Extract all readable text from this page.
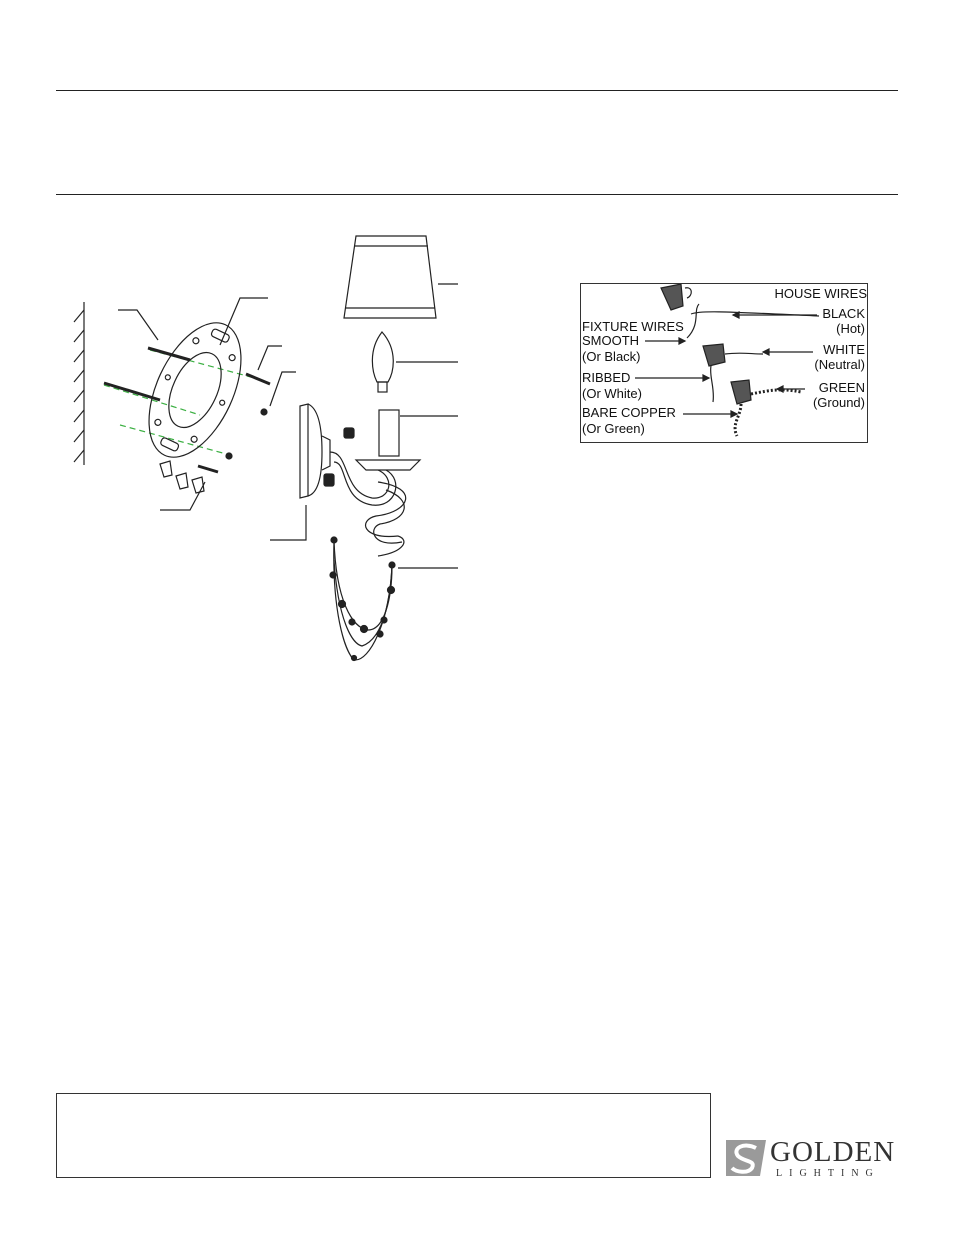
HOUSE WIRES
BLACK
(Hot)
FIXTURE WIRES
SMOOTH
(Or Black)	WHITE
(Neutral)
RIBBED
(Or White)	GREEN
(Ground)
BARE COPPER
(Or Green)
GOLDEN
LIGHTING
